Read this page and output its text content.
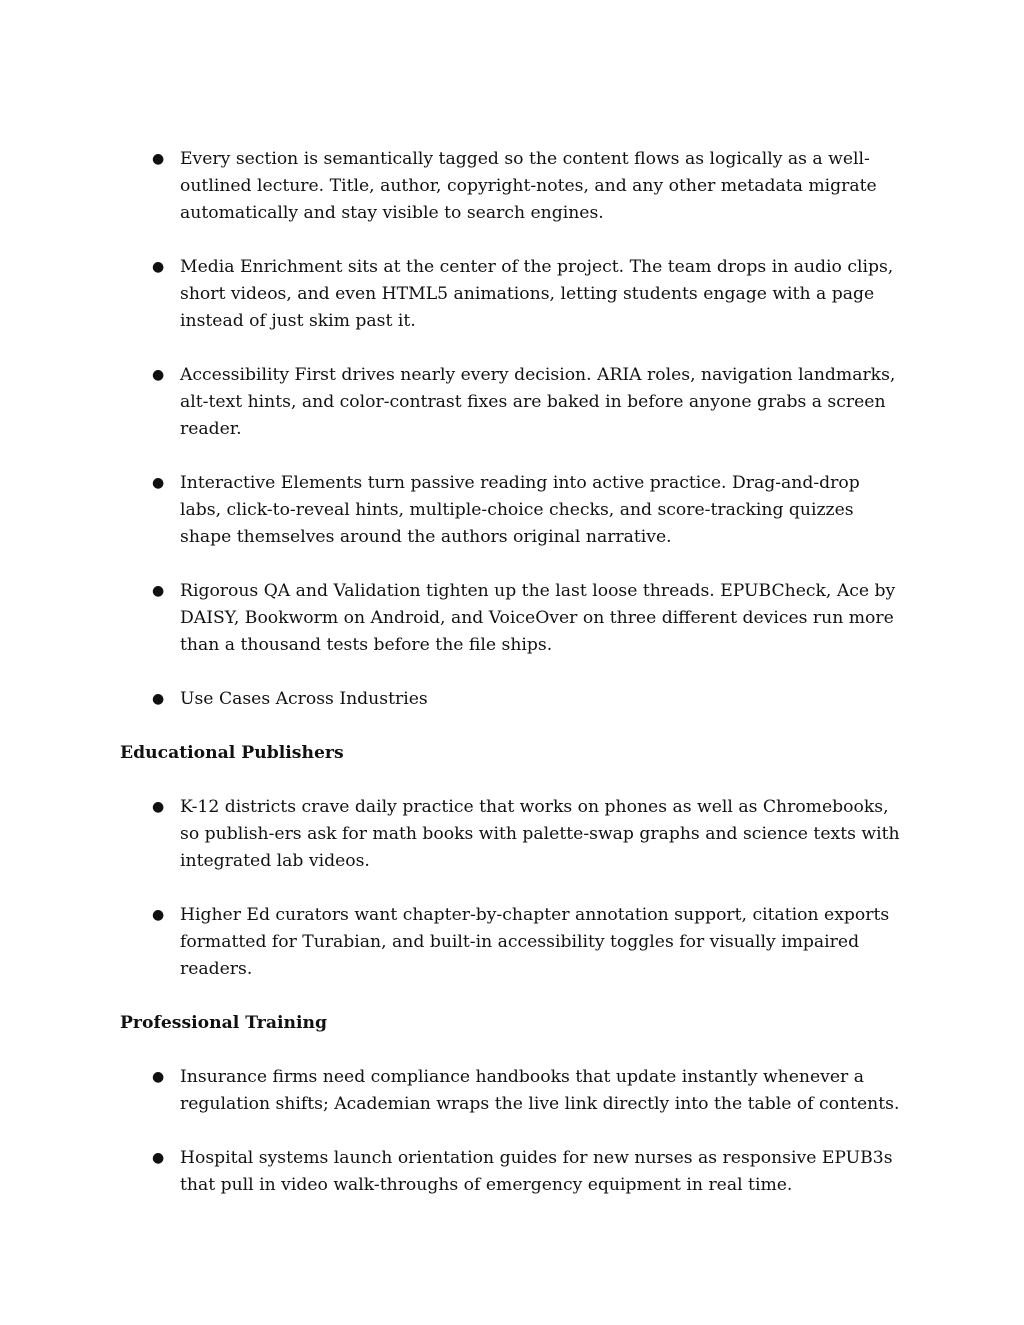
● Every section is semantically tagged so the content flows as logically as a well-outlined lecture. Title, author, copyright-notes, and any other metadata migrate automatically and stay visible to search engines.
● Media Enrichment sits at the center of the project. The team drops in audio clips, short videos, and even HTML5 animations, letting students engage with a page instead of just skim past it.
● Accessibility First drives nearly every decision. ARIA roles, navigation landmarks, alt-text hints, and color-contrast fixes are baked in before anyone grabs a screen reader.
● Interactive Elements turn passive reading into active practice. Drag-and-drop labs, click-to-reveal hints, multiple-choice checks, and score-tracking quizzes shape themselves around the authors original narrative.
● Rigorous QA and Validation tighten up the last loose threads. EPUBCheck, Ace by DAISY, Bookworm on Android, and VoiceOver on three different devices run more than a thousand tests before the file ships.
● Use Cases Across Industries
Educational Publishers
● K-12 districts crave daily practice that works on phones as well as Chromebooks, so publish-ers ask for math books with palette-swap graphs and science texts with integrated lab videos.
● Higher Ed curators want chapter-by-chapter annotation support, citation exports formatted for Turabian, and built-in accessibility toggles for visually impaired readers.
Professional Training
● Insurance firms need compliance handbooks that update instantly whenever a regulation shifts; Academian wraps the live link directly into the table of contents.
● Hospital systems launch orientation guides for new nurses as responsive EPUB3s that pull in video walk-throughs of emergency equipment in real time.
